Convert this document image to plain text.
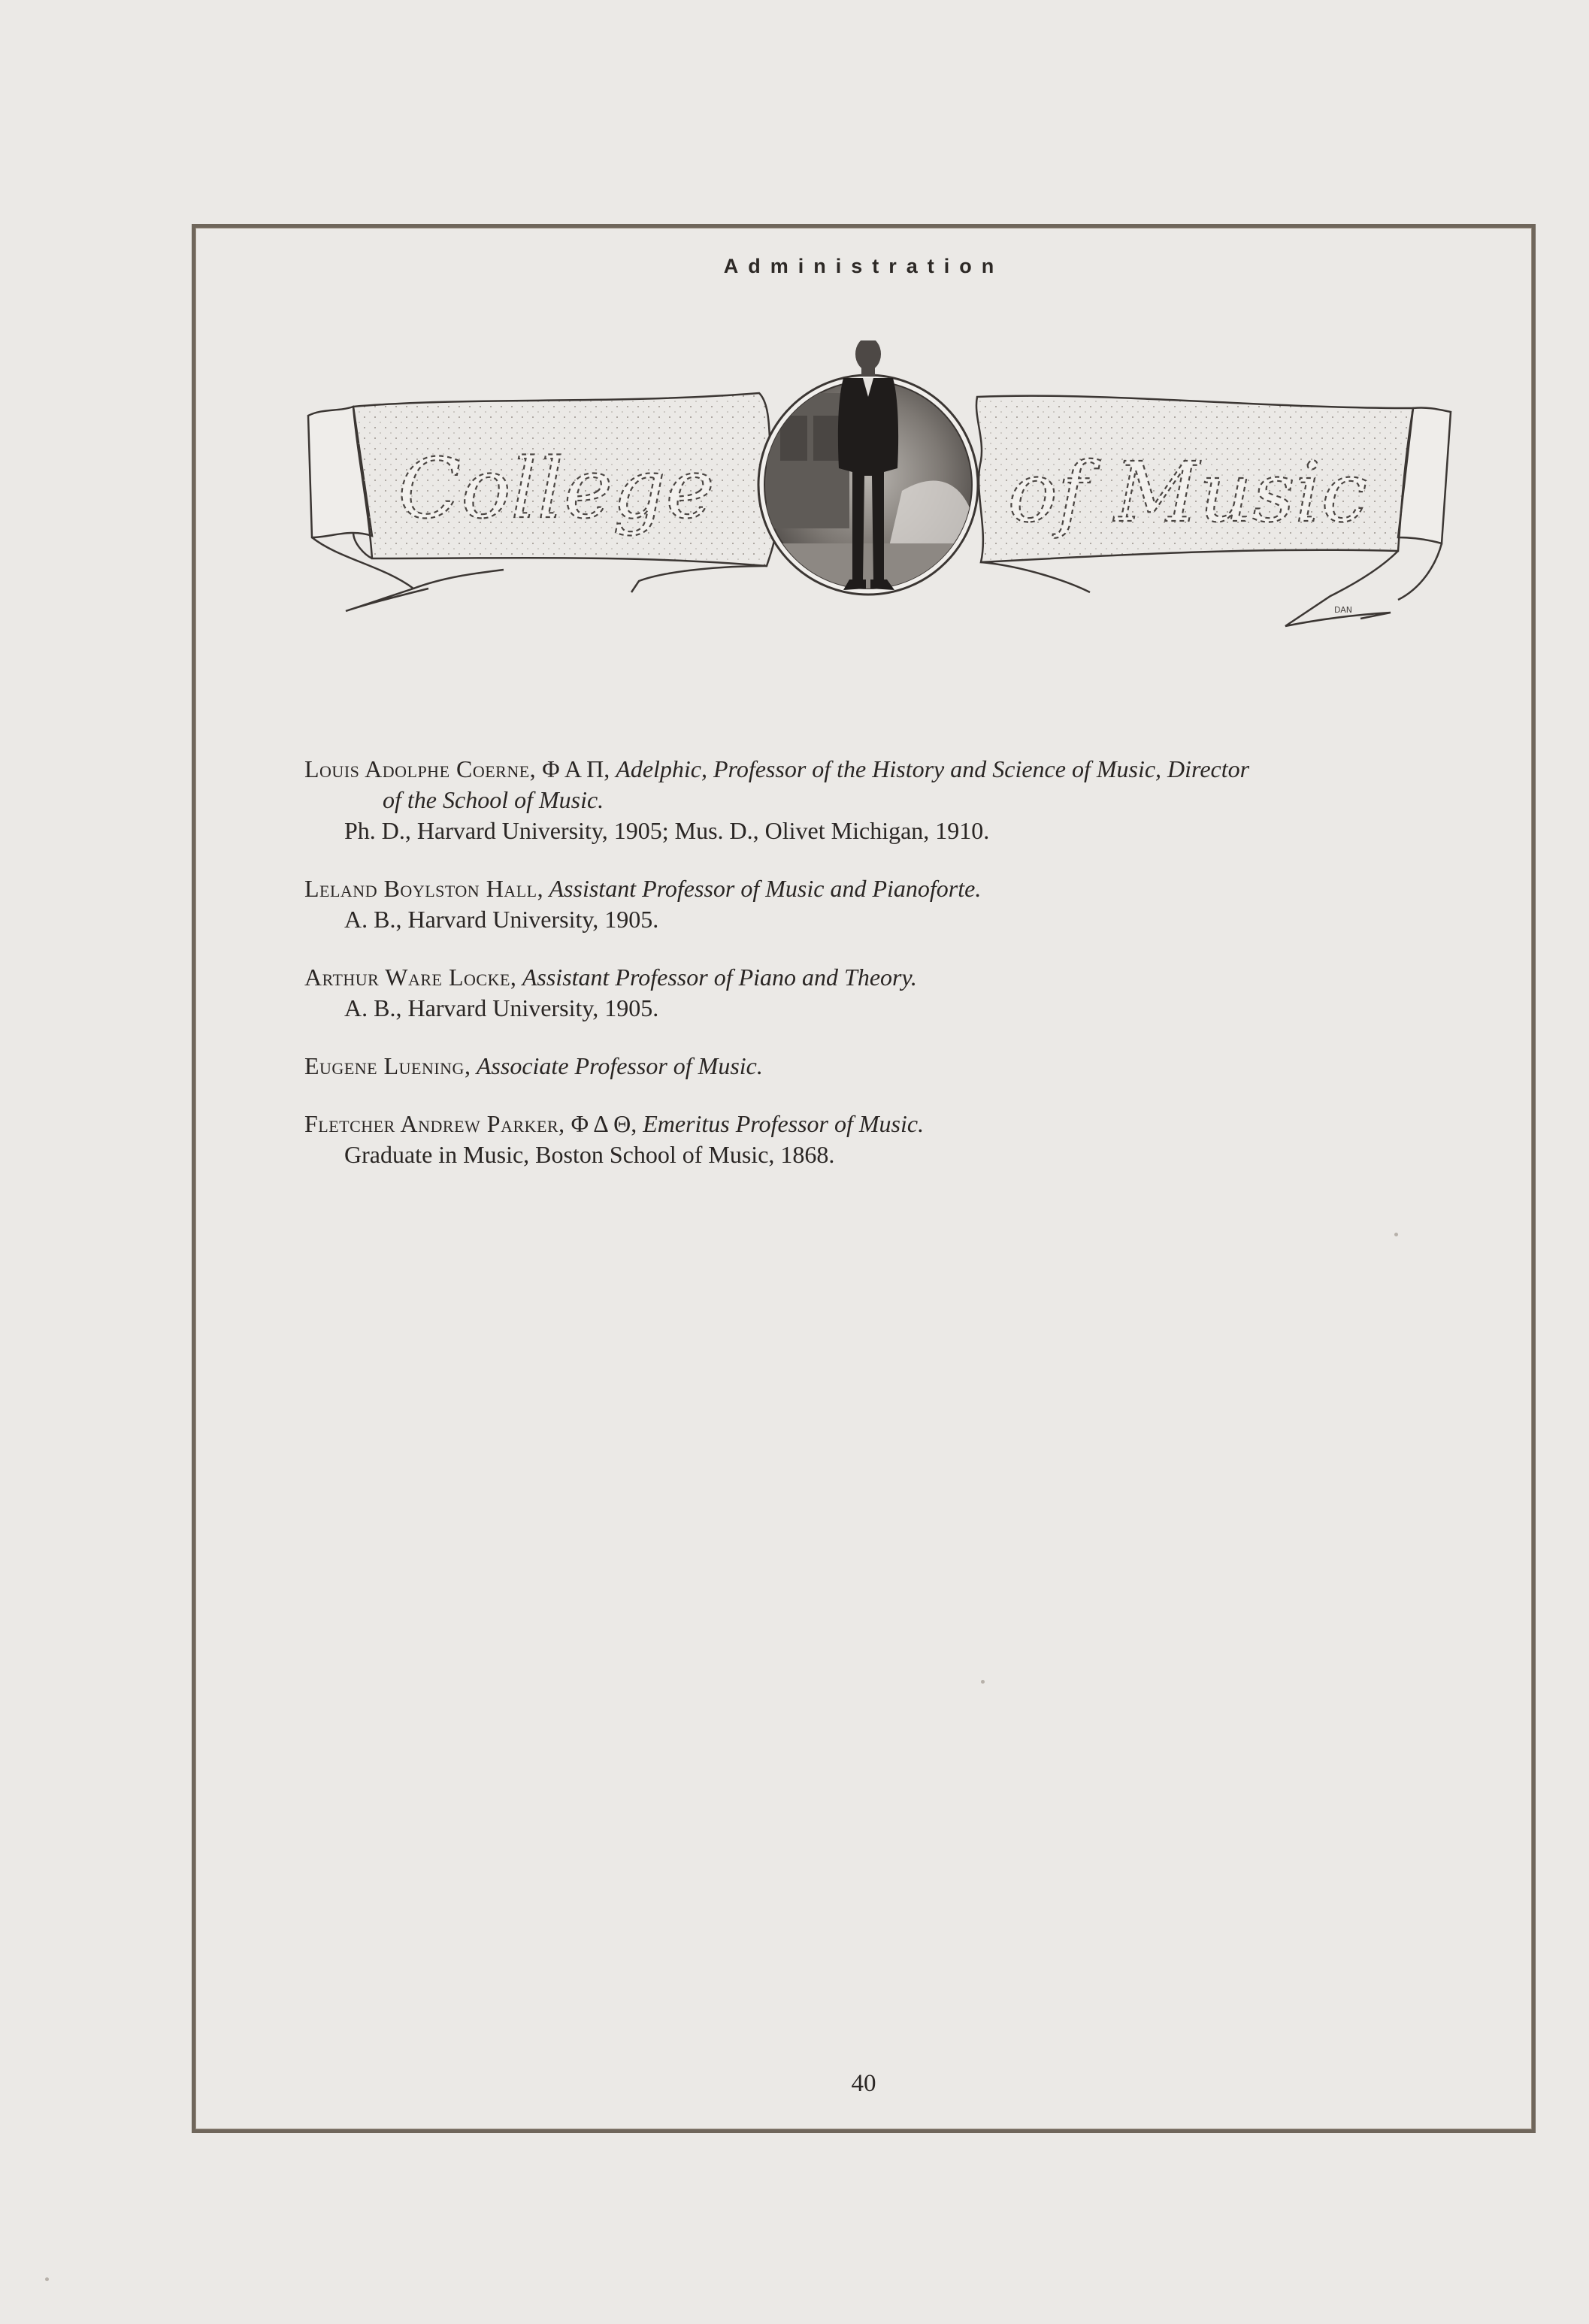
Administration
College	of Music
DAN
Louis Adolphe Coerne, Φ Α Π, Adelphic, Professor of the History and Science of Music, Director
of the School of Music.
Ph. D., Harvard University, 1905; Mus. D., Olivet Michigan, 1910.
Leland Boylston Hall, Assistant Professor of Music and Pianoforte.
A. B., Harvard University, 1905.
Arthur Ware Locke, Assistant Professor of Piano and Theory.
A. B., Harvard University, 1905.
Eugene Luening, Associate Professor of Music.
Fletcher Andrew Parker, Φ Δ Θ, Emeritus Professor of Music.
Graduate in Music, Boston School of Music, 1868.
40
